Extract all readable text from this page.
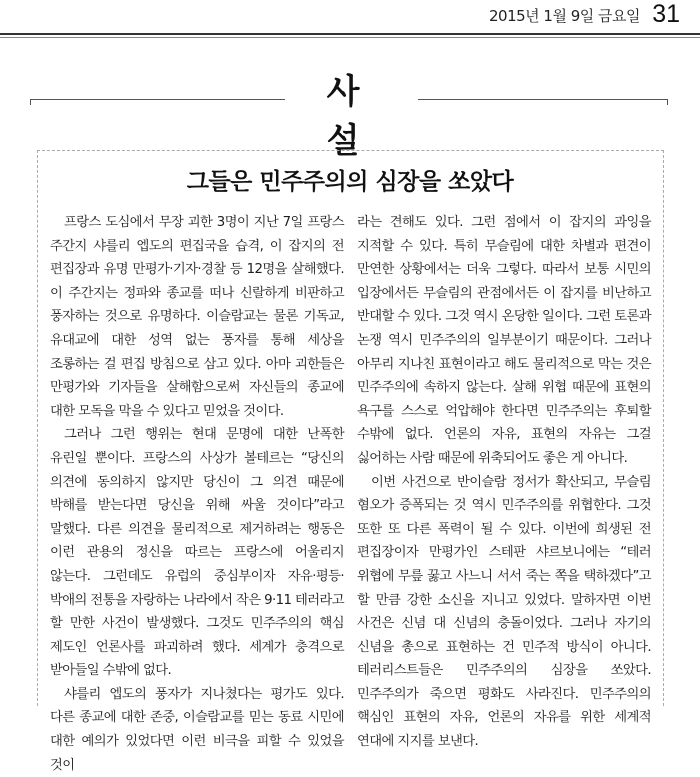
2015년 1월 9일 금요일 31
사 설
그들은 민주주의의 심장을 쏘았다

프랑스 도심에서 무장 괴한 3명이 지난 7일 프랑스 주간지 샤를리 엡도의 편집국을 습격, 이 잡지의 전 편집장과 유명 만평가·기자·경찰 등 12명을 살해했다. 이 주간지는 정파와 종교를 떠나 신랄하게 비판하고 풍자하는 것으로 유명하다. 이슬람교는 물론 기독교, 유대교에 대한 성역 없는 풍자를 통해 세상을 조롱하는 걸 편집 방침으로 삼고 있다. 아마 괴한들은 만평가와 기자들을 살해함으로써 자신들의 종교에 대한 모독을 막을 수 있다고 믿었을 것이다.

그러나 그런 행위는 현대 문명에 대한 난폭한 유린일 뿐이다. 프랑스의 사상가 볼테르는 “당신의 의견에 동의하지 않지만 당신이 그 의견 때문에 박해를 받는다면 당신을 위해 싸울 것이다”라고 말했다. 다른 의견을 물리적으로 제거하려는 행동은 이런 관용의 정신을 따르는 프랑스에 어울리지 않는다. 그런데도 유럽의 중심부이자 자유·평등·박애의 전통을 자랑하는 나라에서 작은 9·11 테러라고 할 만한 사건이 발생했다. 그것도 민주주의의 핵심 제도인 언론사를 파괴하려 했다. 세계가 충격으로 받아들일 수밖에 없다.

샤를리 엡도의 풍자가 지나쳤다는 평가도 있다. 다른 종교에 대한 존중, 이슬람교를 믿는 동료 시민에 대한 예의가 있었다면 이런 비극을 피할 수 있었을 것이

라는 견해도 있다. 그런 점에서 이 잡지의 과잉을 지적할 수 있다. 특히 무슬림에 대한 차별과 편견이 만연한 상황에서는 더욱 그렇다. 따라서 보통 시민의 입장에서든 무슬림의 관점에서든 이 잡지를 비난하고 반대할 수 있다. 그것 역시 온당한 일이다. 그런 토론과 논쟁 역시 민주주의의 일부분이기 때문이다. 그러나 아무리 지나친 표현이라고 해도 물리적으로 막는 것은 민주주의에 속하지 않는다. 살해 위협 때문에 표현의 욕구를 스스로 억압해야 한다면 민주주의는 후퇴할 수밖에 없다. 언론의 자유, 표현의 자유는 그걸 싫어하는 사람 때문에 위축되어도 좋은 게 아니다.

이번 사건으로 반이슬람 정서가 확산되고, 무슬림 혐오가 증폭되는 것 역시 민주주의를 위협한다. 그것 또한 또 다른 폭력이 될 수 있다. 이번에 희생된 전 편집장이자 만평가인 스테판 샤르보니에는 “테러 위협에 무릎 꿇고 사느니 서서 죽는 쪽을 택하겠다”고 할 만큼 강한 소신을 지니고 있었다. 말하자면 이번 사건은 신념 대 신념의 충돌이었다. 그러나 자기의 신념을 총으로 표현하는 건 민주적 방식이 아니다. 테러리스트들은 민주주의의 심장을 쏘았다. 민주주의가 죽으면 평화도 사라진다. 민주주의의 핵심인 표현의 자유, 언론의 자유를 위한 세계적 연대에 지지를 보낸다.
